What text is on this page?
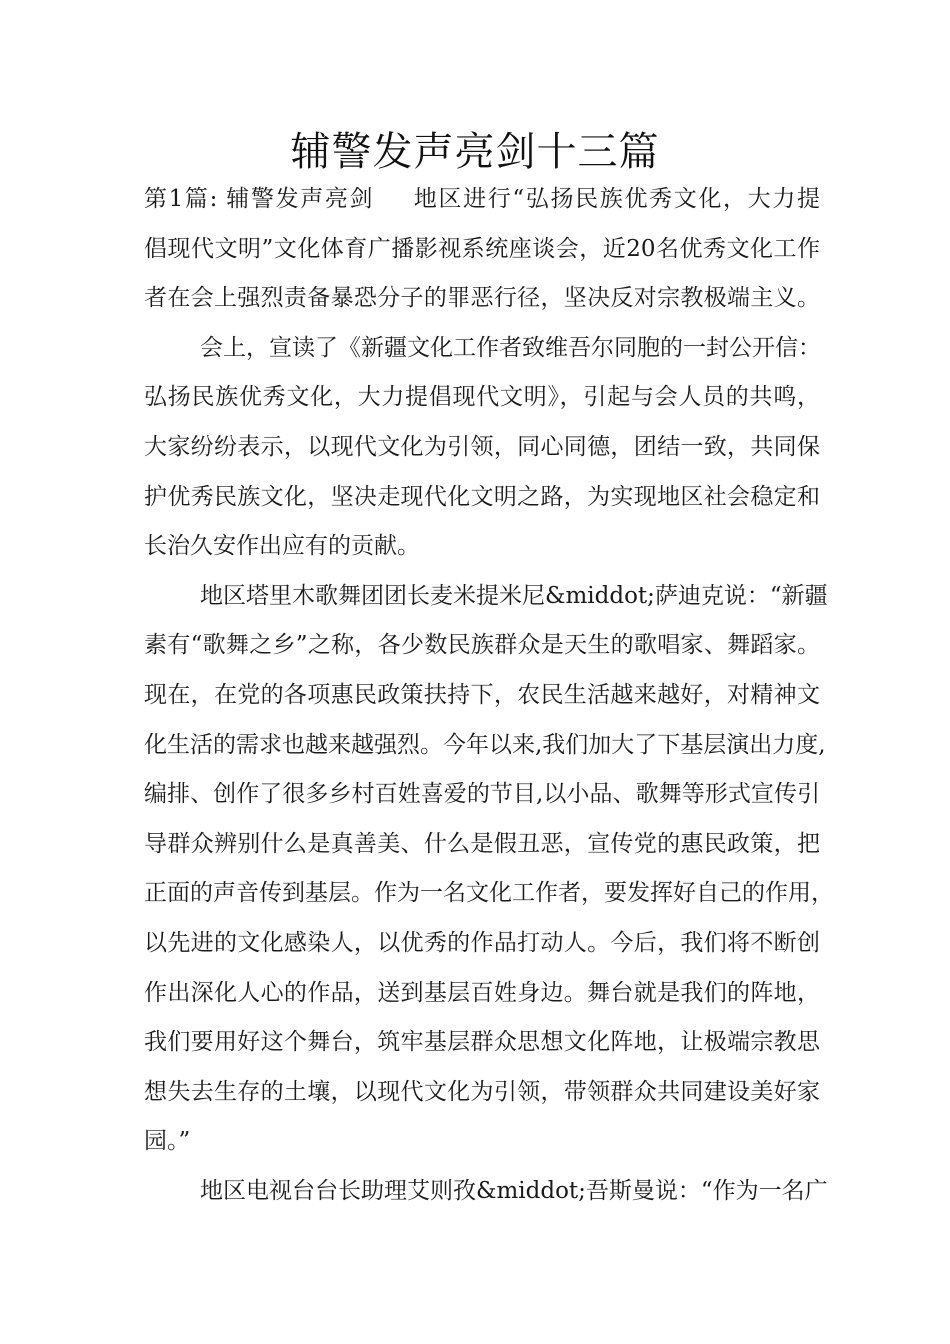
辅警发声亮剑十三篇
第1篇: 辅警发声亮剑 地区进行“弘扬民族优秀文化，大力提
倡现代文明”文化体育广播影视系统座谈会，近20名优秀文化工作
者在会上强烈责备暴恐分子的罪恶行径，坚决反对宗教极端主义。
会上，宣读了《新疆文化工作者致维吾尔同胞的一封公开信：
弘扬民族优秀文化，大力提倡现代文明》，引起与会人员的共鸣，
大家纷纷表示，以现代文化为引领，同心同德，团结一致，共同保
护优秀民族文化，坚决走现代化文明之路，为实现地区社会稳定和
长治久安作出应有的贡献。
地区塔里木歌舞团团长麦米提米尼&middot;萨迪克说：“新疆
素有“歌舞之乡”之称，各少数民族群众是天生的歌唱家、舞蹈家。
现在，在党的各项惠民政策扶持下，农民生活越来越好，对精神文
化生活的需求也越来越强烈。今年以来,我们加大了下基层演出力度,
编排、创作了很多乡村百姓喜爱的节目,以小品、歌舞等形式宣传引
导群众辨别什么是真善美、什么是假丑恶，宣传党的惠民政策，把
正面的声音传到基层。作为一名文化工作者，要发挥好自己的作用，
以先进的文化感染人，以优秀的作品打动人。今后，我们将不断创
作出深化人心的作品，送到基层百姓身边。舞台就是我们的阵地，
我们要用好这个舞台，筑牢基层群众思想文化阵地，让极端宗教思
想失去生存的土壤，以现代文化为引领，带领群众共同建设美好家
园。”
地区电视台台长助理艾则孜&middot;吾斯曼说：“作为一名广
